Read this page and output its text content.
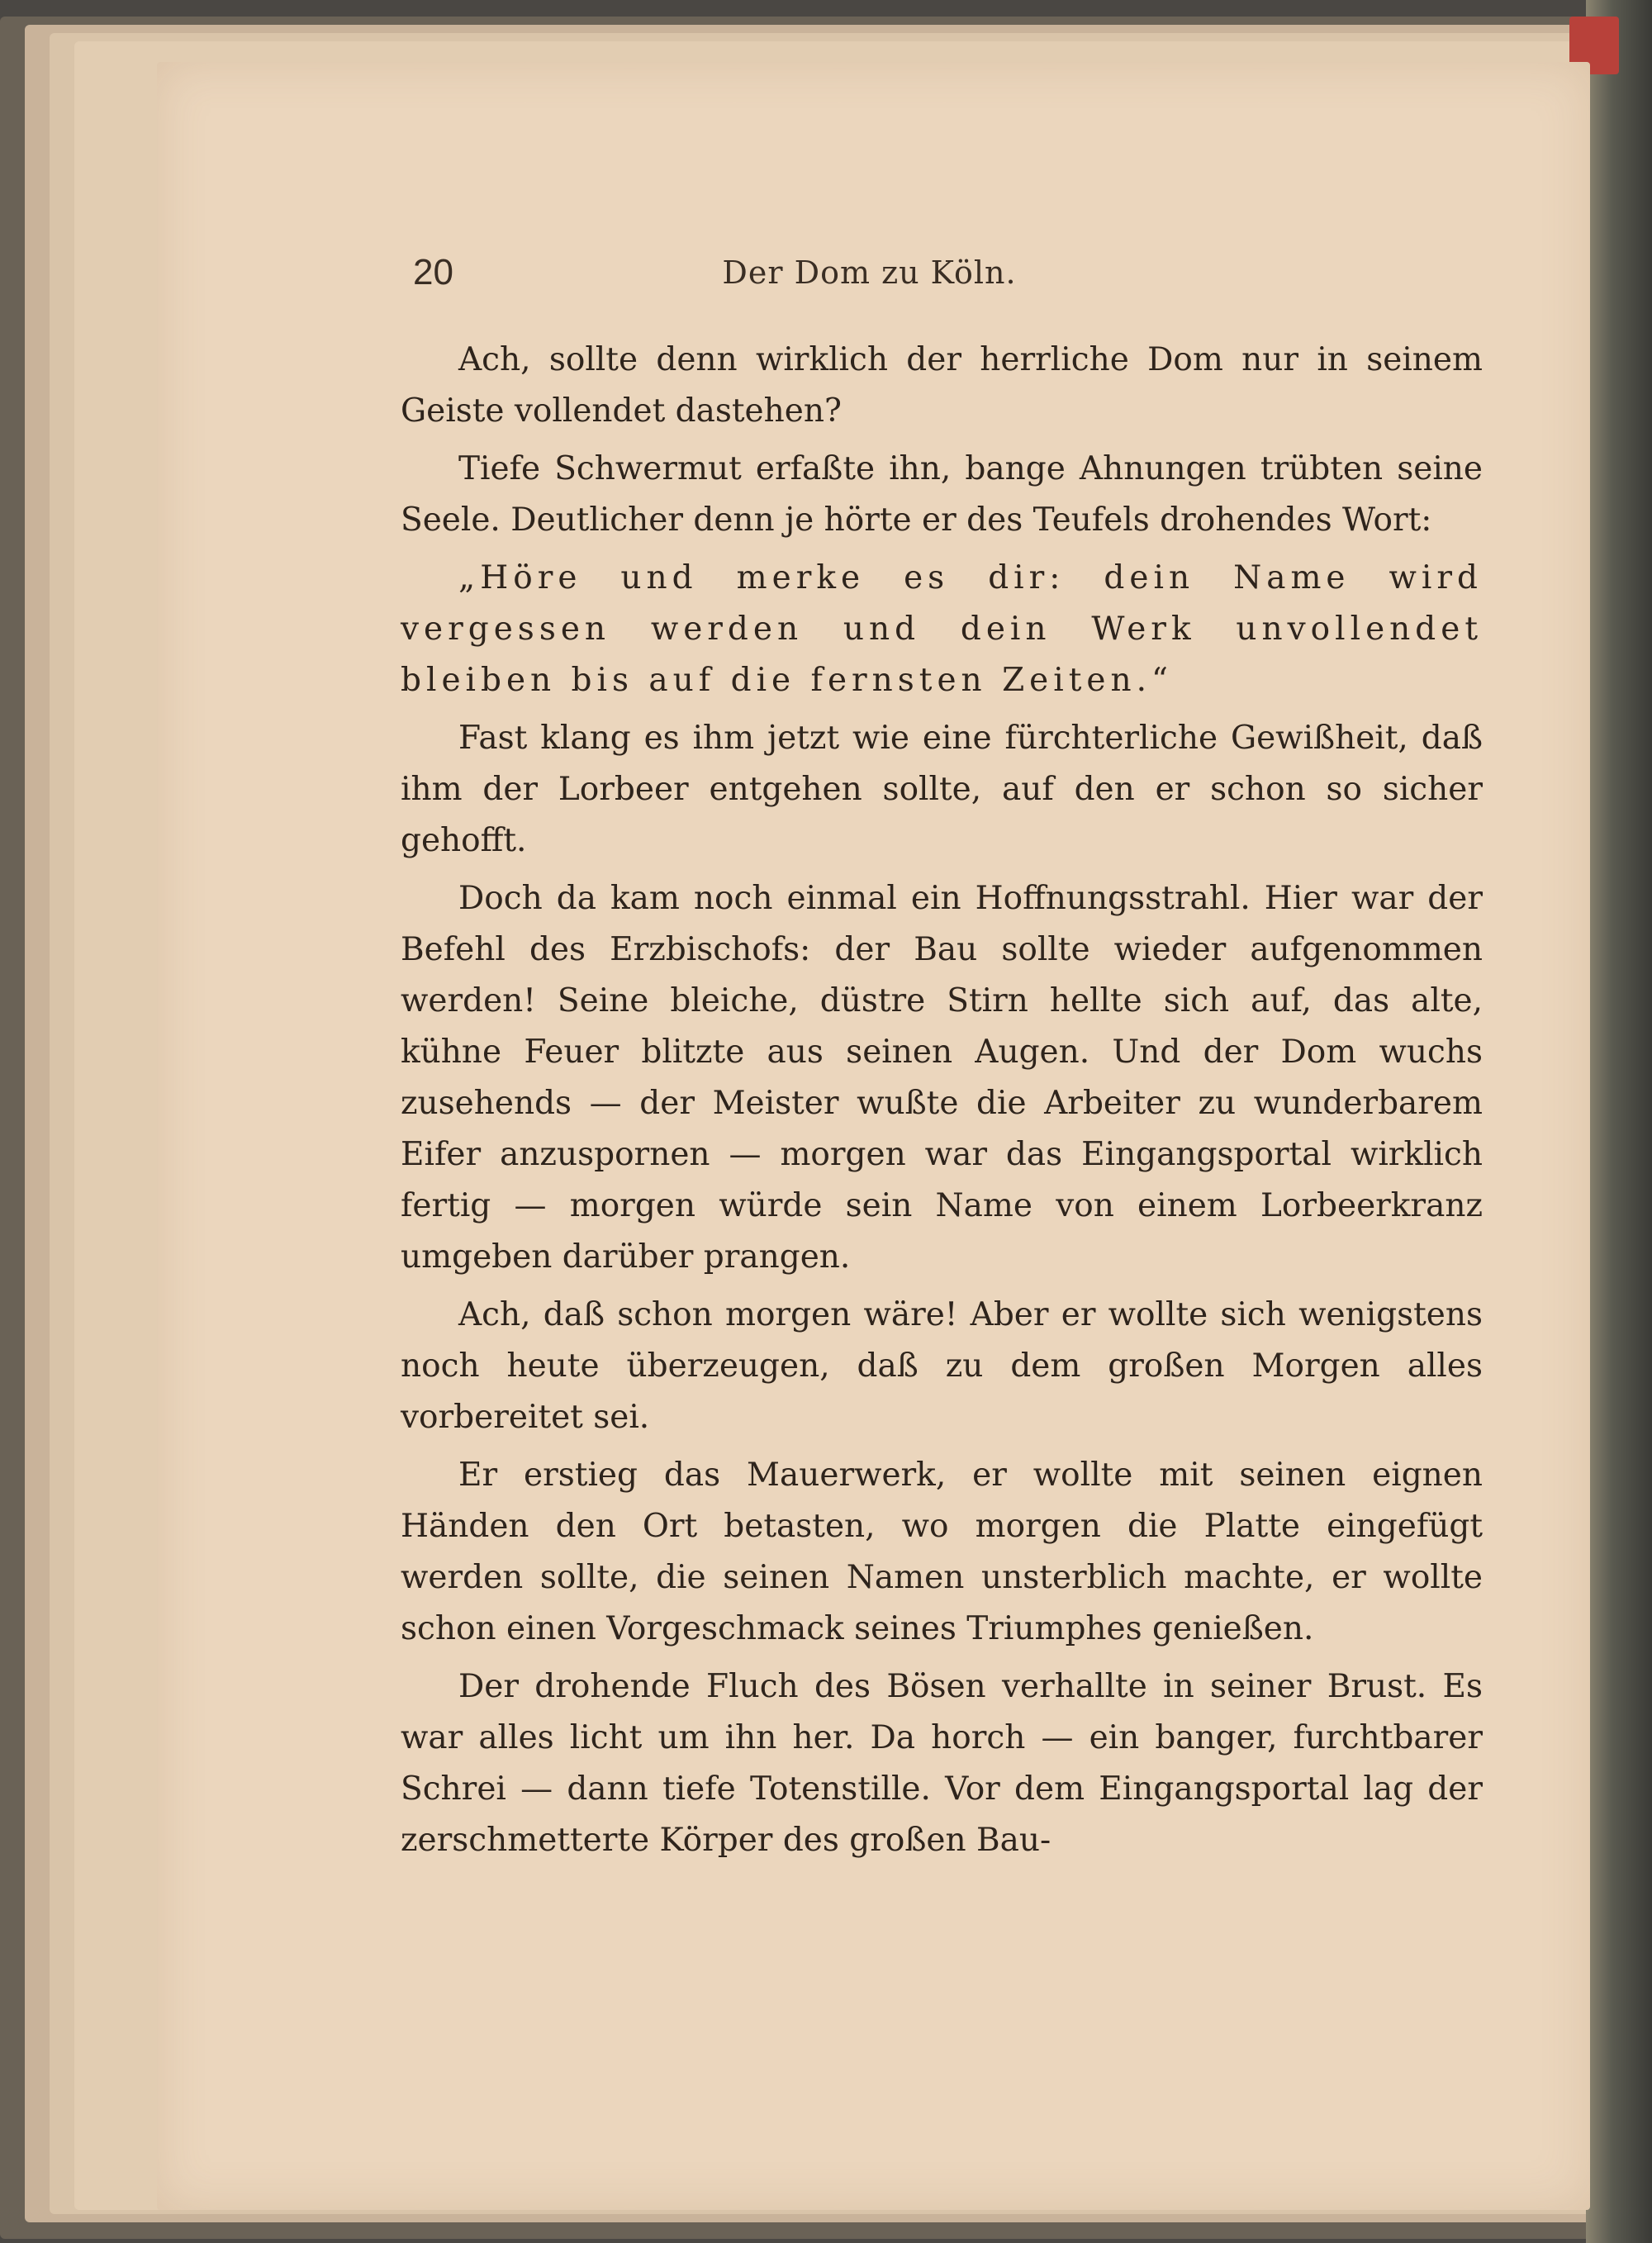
20	Der Dom zu Köln.

Ach, sollte denn wirklich der herrliche Dom nur in seinem Geiste vollendet dastehen?

Tiefe Schwermut erfaßte ihn, bange Ahnungen trübten seine Seele. Deutlicher denn je hörte er des Teufels drohendes Wort:

„Höre und merke es dir: dein Name wird vergessen werden und dein Werk unvollendet bleiben bis auf die fernsten Zeiten.“

Fast klang es ihm jetzt wie eine fürchterliche Gewißheit, daß ihm der Lorbeer entgehen sollte, auf den er schon so sicher gehofft.

Doch da kam noch einmal ein Hoffnungsstrahl. Hier war der Befehl des Erzbischofs: der Bau sollte wieder aufgenommen werden! Seine bleiche, düstre Stirn hellte sich auf, das alte, kühne Feuer blitzte aus seinen Augen. Und der Dom wuchs zusehends — der Meister wußte die Arbeiter zu wunderbarem Eifer anzuspornen — morgen war das Eingangsportal wirklich fertig — morgen würde sein Name von einem Lorbeerkranz umgeben darüber prangen.

Ach, daß schon morgen wäre! Aber er wollte sich wenigstens noch heute überzeugen, daß zu dem großen Morgen alles vorbereitet sei.

Er erstieg das Mauerwerk, er wollte mit seinen eignen Händen den Ort betasten, wo morgen die Platte eingefügt werden sollte, die seinen Namen unsterblich machte, er wollte schon einen Vorgeschmack seines Triumphes genießen.

Der drohende Fluch des Bösen verhallte in seiner Brust. Es war alles licht um ihn her. Da horch — ein banger, furchtbarer Schrei — dann tiefe Totenstille. Vor dem Eingangsportal lag der zerschmetterte Körper des großen Bau-
